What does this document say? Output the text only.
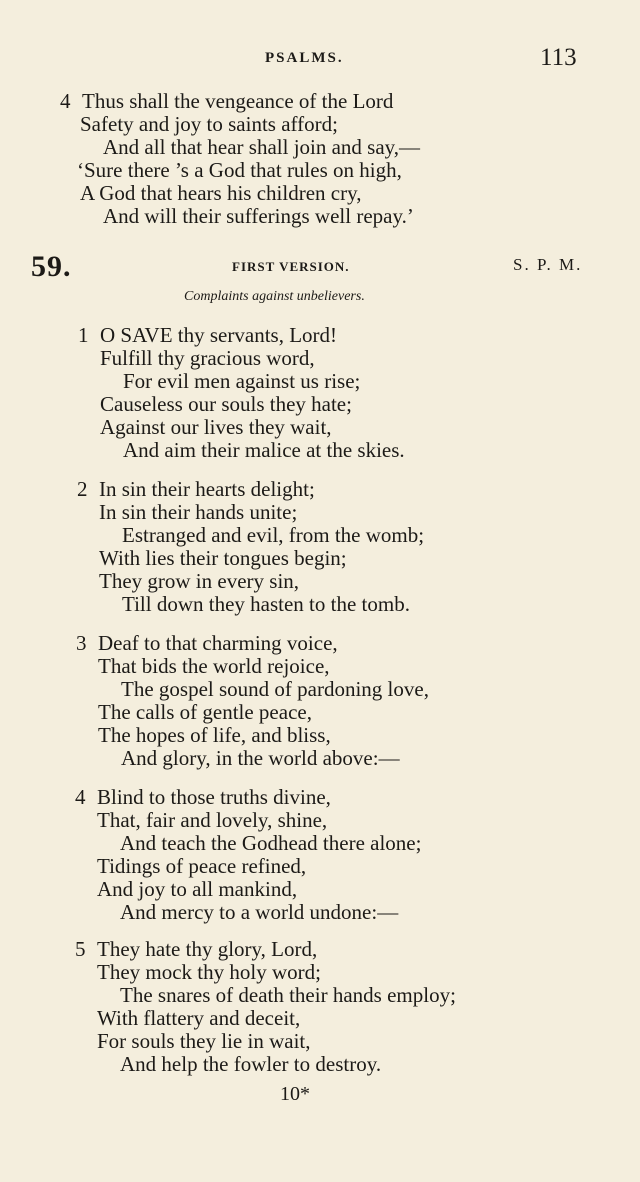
PSALMS.	113
4 Thus shall the vengeance of the Lord
Safety and joy to saints afford;
And all that hear shall join and say,—
‘Sure there ’s a God that rules on high,
A God that hears his children cry,
And will their sufferings well repay.’
59.	FIRST VERSION.	S. P. M.
Complaints against unbelievers.
1 O SAVE thy servants, Lord!
Fulfill thy gracious word,
For evil men against us rise;
Causeless our souls they hate;
Against our lives they wait,
And aim their malice at the skies.
2 In sin their hearts delight;
In sin their hands unite;
Estranged and evil, from the womb;
With lies their tongues begin;
They grow in every sin,
Till down they hasten to the tomb.
3 Deaf to that charming voice,
That bids the world rejoice,
The gospel sound of pardoning love,
The calls of gentle peace,
The hopes of life, and bliss,
And glory, in the world above:—
4 Blind to those truths divine,
That, fair and lovely, shine,
And teach the Godhead there alone;
Tidings of peace refined,
And joy to all mankind,
And mercy to a world undone:—
5 They hate thy glory, Lord,
They mock thy holy word;
The snares of death their hands employ;
With flattery and deceit,
For souls they lie in wait,
And help the fowler to destroy.
10*
